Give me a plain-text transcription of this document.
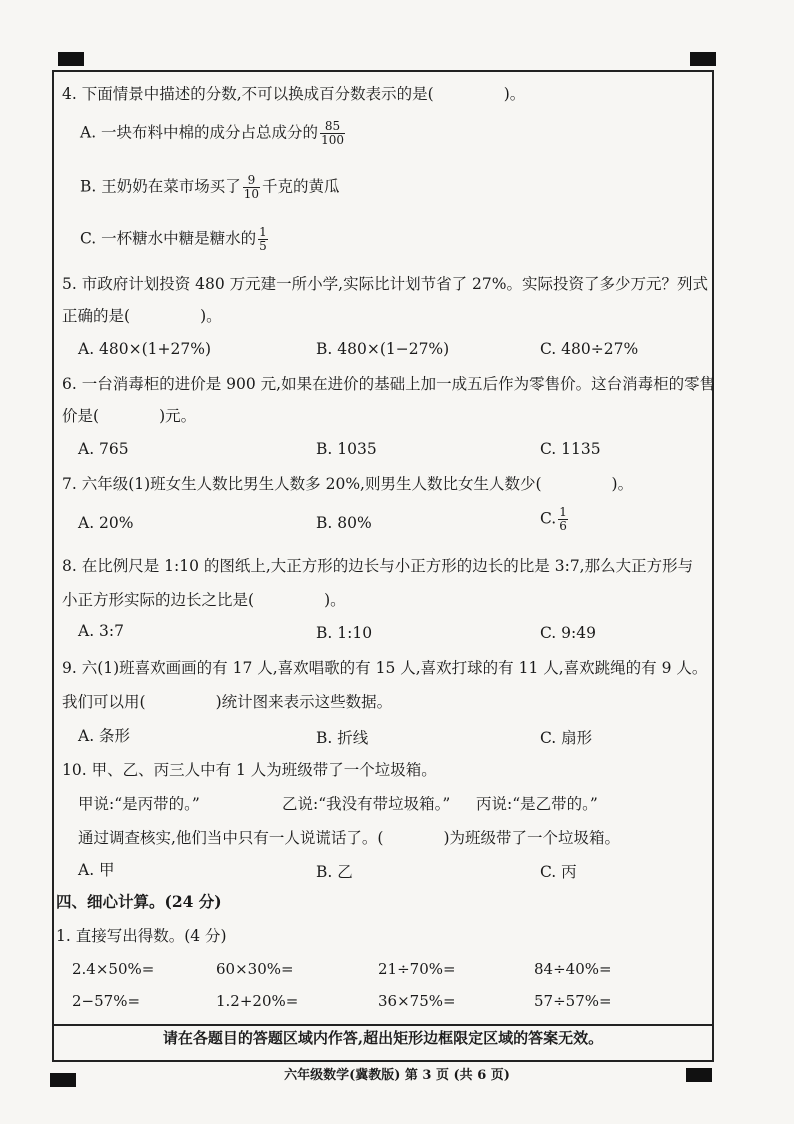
4. 下面情景中描述的分数,不可以换成百分数表示的是(	)。
A. 一块布料中棉的成分占总成分的 $\frac{85}{100}$
B. 王奶奶在菜市场买了 $\frac{9}{10}$ 千克的黄瓜
C. 一杯糖水中糖是糖水的 $\frac{1}{5}$
5. 市政府计划投资 480 万元建一所小学,实际比计划节省了 27%。实际投资了多少万元？列式
正确的是(	)。
A. 480×(1+27%)	B. 480×(1−27%)	C. 480÷27%
6. 一台消毒柜的进价是 900 元,如果在进价的基础上加一成五后作为零售价。这台消毒柜的零售
价是(	)元。
A. 765	B. 1035	C. 1135
7. 六年级(1)班女生人数比男生人数多 20%,则男生人数比女生人数少(	)。
A. 20%	B. 80%	C. $\frac{1}{6}$
8. 在比例尺是 1:10 的图纸上,大正方形的边长与小正方形的边长的比是 3:7,那么大正方形与
小正方形实际的边长之比是(	)。
A. 3:7	B. 1:10	C. 9:49
9. 六(1)班喜欢画画的有 17 人,喜欢唱歌的有 15 人,喜欢打球的有 11 人,喜欢跳绳的有 9 人。
我们可以用(	)统计图来表示这些数据。
A. 条形	B. 折线	C. 扇形
10. 甲、乙、丙三人中有 1 人为班级带了一个垃圾箱。
甲说:“是丙带的。”	乙说:“我没有带垃圾箱。” 丙说:“是乙带的。”
通过调查核实,他们当中只有一人说谎话了。(	)为班级带了一个垃圾箱。
A. 甲	B. 乙	C. 丙
四、细心计算。(24 分)
1. 直接写出得数。(4 分)
2.4×50%=	60×30%=	21÷70%=	84÷40%=
2−57%=	1.2+20%=	36×75%=	57÷57%=
请在各题目的答题区域内作答,超出矩形边框限定区域的答案无效。
六年级数学(冀教版) 第 3 页 (共 6 页)
